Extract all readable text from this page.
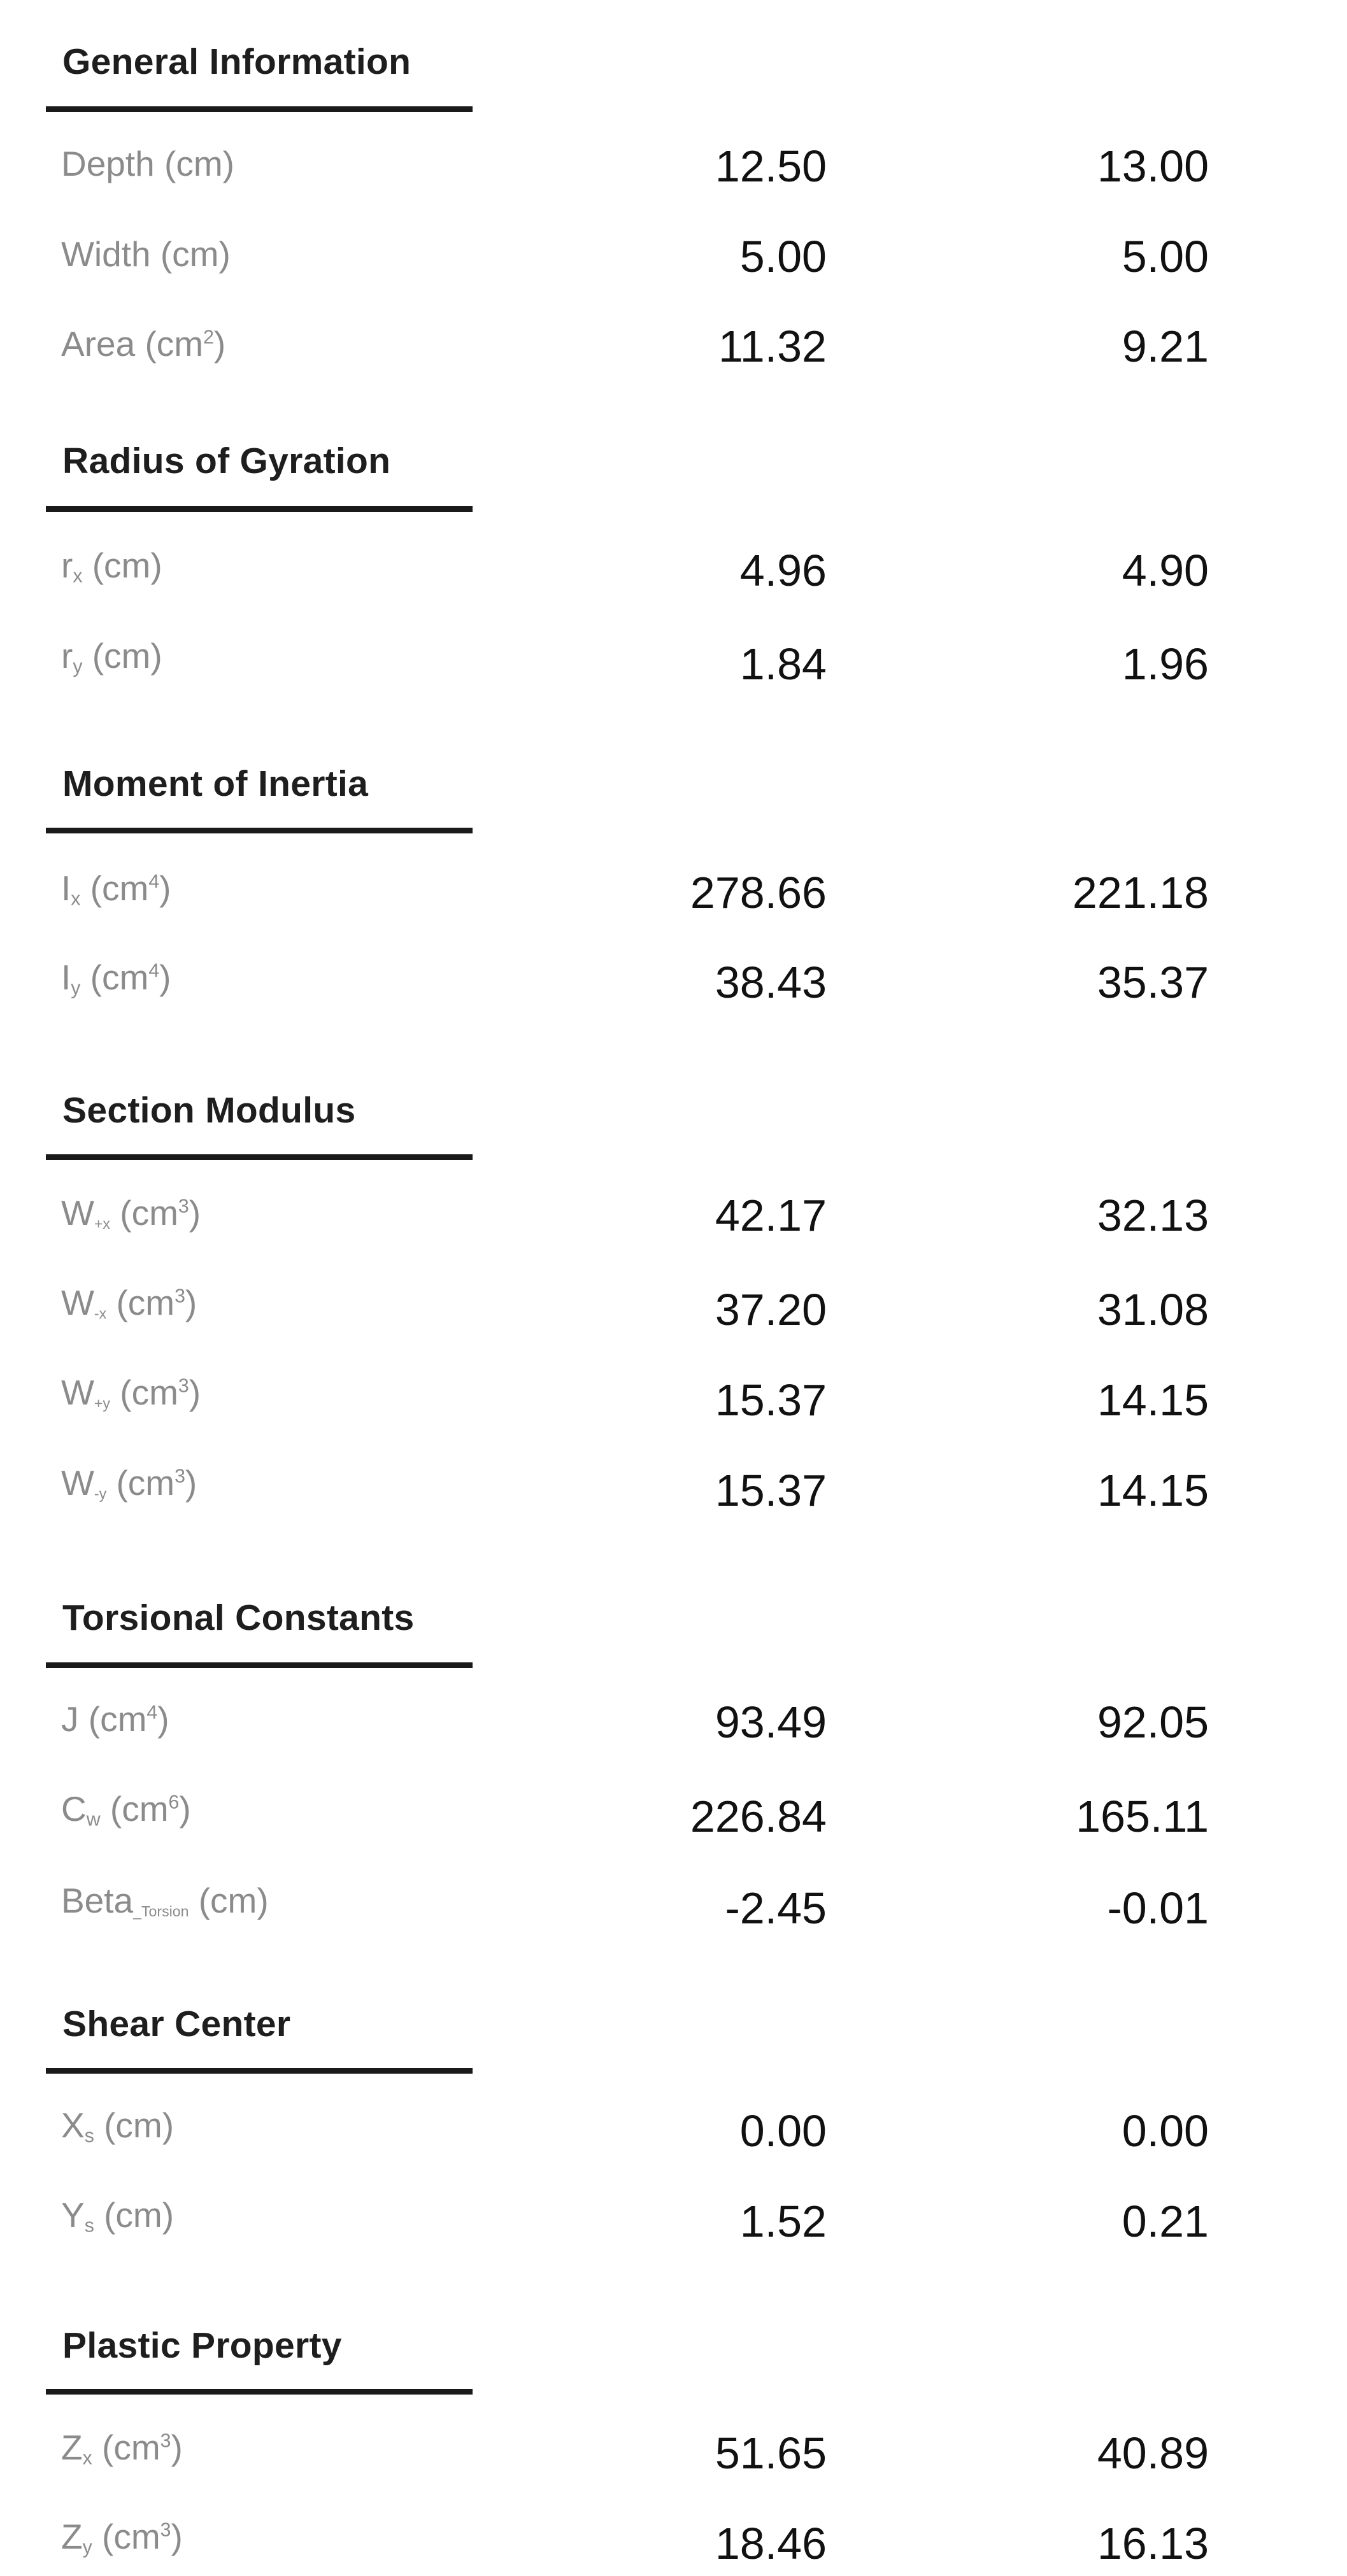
General Information
Depth (cm)	12.50	13.00
Width (cm)	5.00	5.00
Area $(cm^2)$	11.32	9.21
Radius of Gyration
$r_x$ (cm)	4.96	4.90
$r_y$ (cm)	1.84	1.96
Moment of Inertia
$I_x$ $(cm^4)$	278.66	221.18
$I_y$ $(cm^4)$	38.43	35.37
Section Modulus
$W_{+x}$ $(cm^3)$	42.17	32.13
$W_{-x}$ $(cm^3)$	37.20	31.08
$W_{+y}$ $(cm^3)$	15.37	14.15
$W_{-y}$ $(cm^3)$	15.37	14.15
Torsional Constants
J $(cm^4)$	93.49	92.05
$C_w$ $(cm^6)$	226.84	165.11
Beta$_{\_Torsion}$ (cm)	-2.45	-0.01
Shear Center
$X_s$ (cm)	0.00	0.00
$Y_s$ (cm)	1.52	0.21
Plastic Property
$Z_x$ $(cm^3)$	51.65	40.89
$Z_y$ $(cm^3)$	18.46	16.13
